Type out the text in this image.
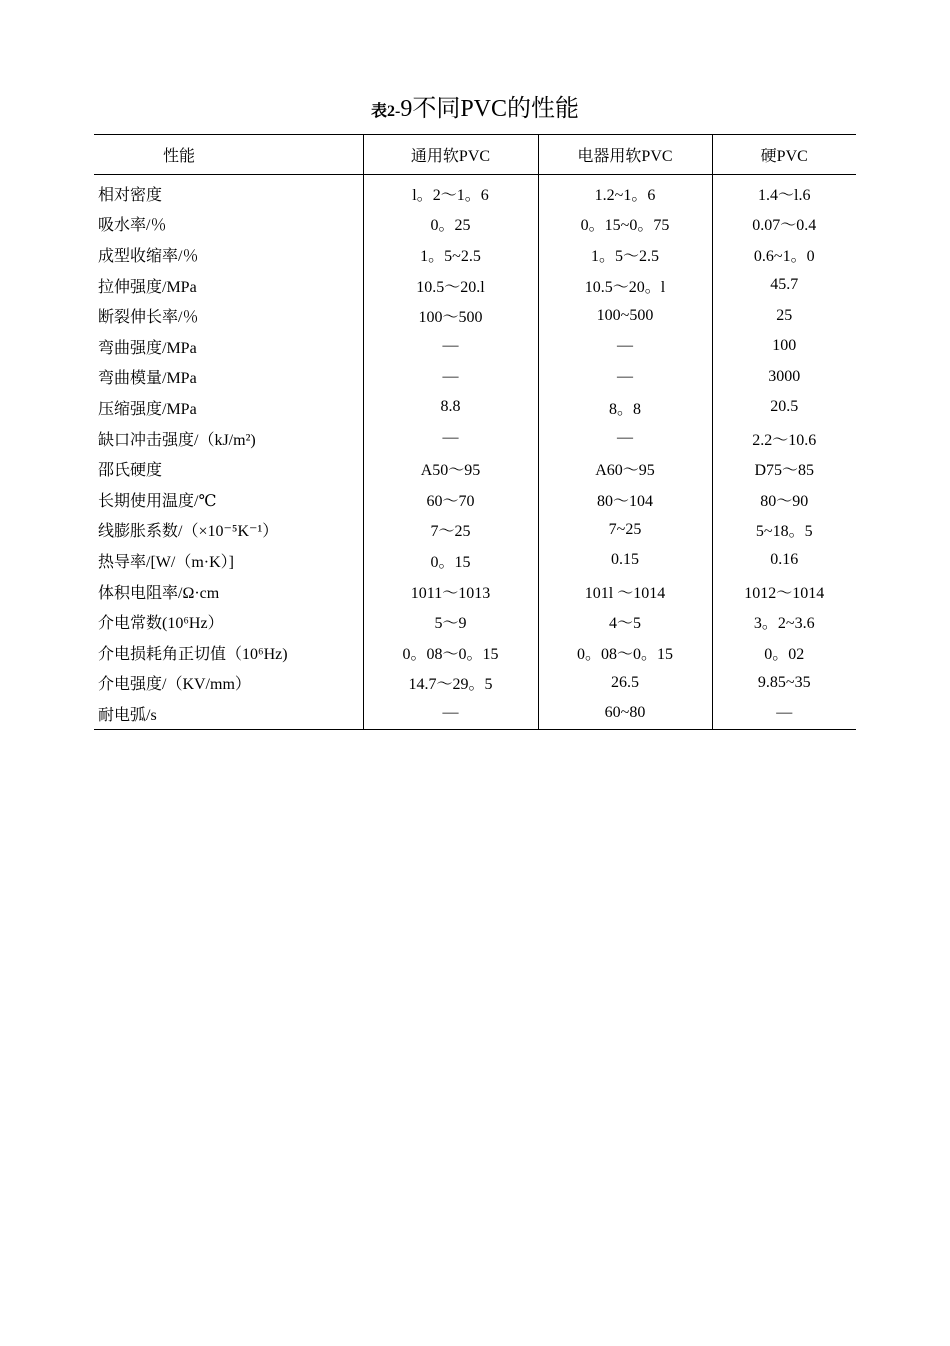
表2-9不同PVC的性能
性能	通用软PVC	电器用软PVC	硬PVC
相对密度	l。2～1。6	1.2~1。6	1.4～l.6
吸水率/％	0。25	0。15~0。75	0.07～0.4
成型收缩率/％	1。5~2.5	1。5～2.5	0.6~1。0
拉伸强度/MPa	10.5～20.l	10.5～20。l	45.7
断裂伸长率/％	100～500	100~500	25
弯曲强度/MPa	—	—	100
弯曲模量/MPa	—	—	3000
压缩强度/MPa	8.8	8。8	20.5
缺口冲击强度/（kJ/m²)	—	—	2.2～10.6
邵氏硬度	A50～95	A60～95	D75～85
长期使用温度/℃	60～70	80～104	80～90
线膨胀系数/（×10⁻⁵K⁻¹）	7～25	7~25	5~18。5
热导率/[W/（m·K）]	0。15	0.15	0.16
体积电阻率/Ω·cm	1011～1013	101l ～1014	1012～1014
介电常数(10⁶Hz）	5～9	4～5	3。2~3.6
介电损耗角正切值（10⁶Hz)	0。08～0。15	0。08～0。15	0。02
介电强度/（KV/mm）	14.7～29。5	26.5	9.85~35
耐电弧/s	—	60~80	—
